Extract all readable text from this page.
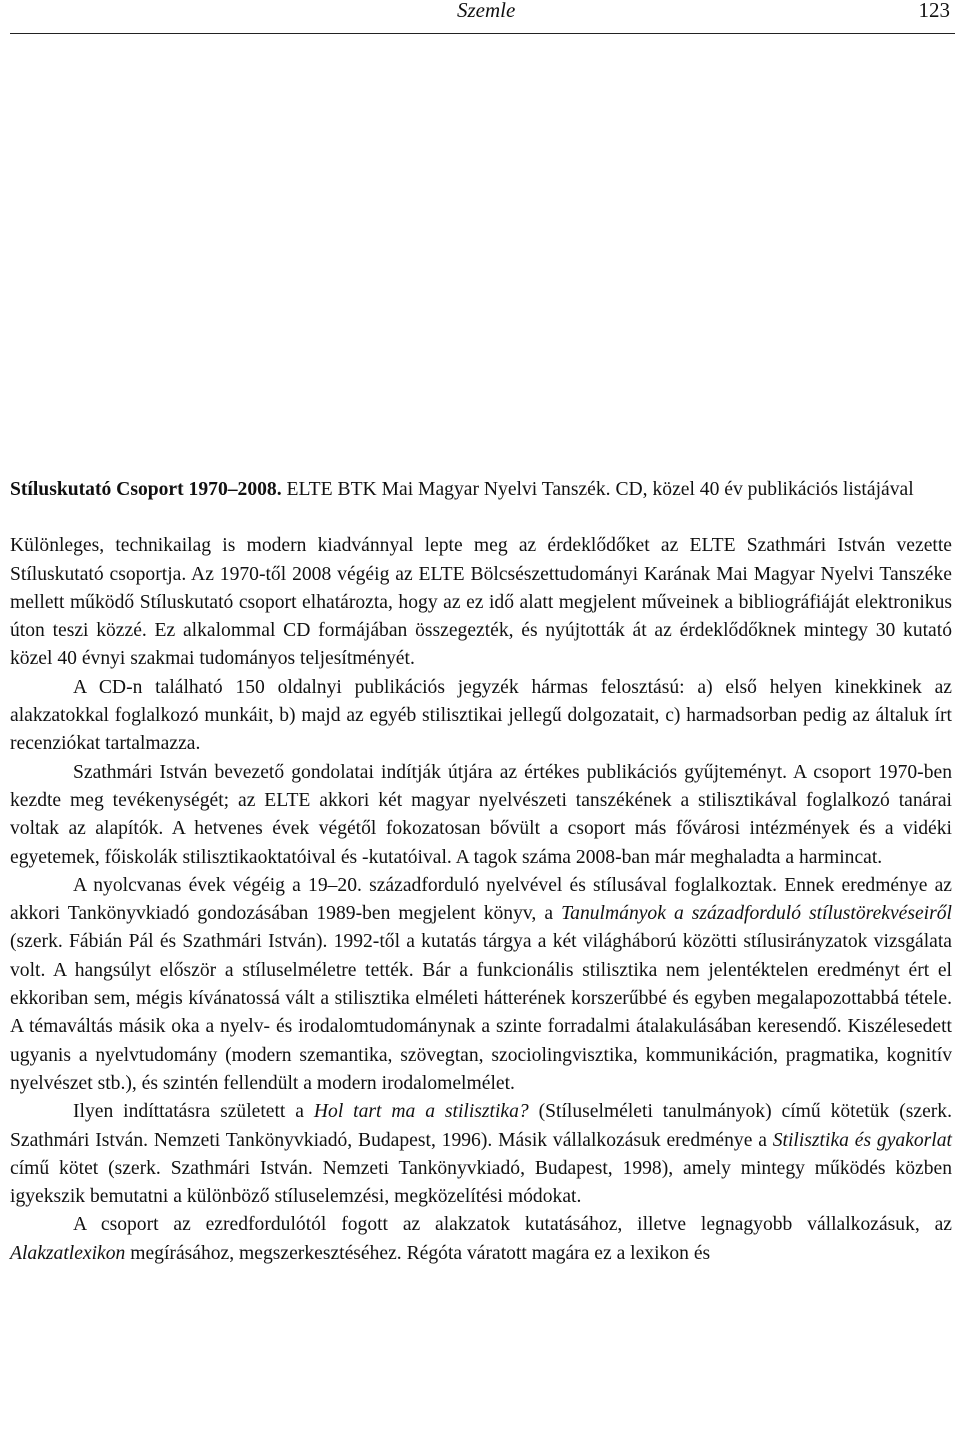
Szemle	123

Stíluskutató Csoport 1970–2008. ELTE BTK Mai Magyar Nyelvi Tanszék. CD, közel 40 év publikációs listájával

Különleges, technikailag is modern kiadvánnyal lepte meg az érdeklődőket az ELTE Szathmári István vezette Stíluskutató csoportja. Az 1970-től 2008 végéig az ELTE Bölcsészettudományi Karának Mai Magyar Nyelvi Tanszéke mellett működő Stíluskutató csoport elhatározta, hogy az ez idő alatt megjelent műveinek a bibliográfiáját elektronikus úton teszi közzé. Ez alkalommal CD formájában összegezték, és nyújtották át az érdeklődőknek mintegy 30 kutató közel 40 évnyi szakmai tudományos teljesítményét.

A CD-n található 150 oldalnyi publikációs jegyzék hármas felosztású: a) első helyen kinekkinek az alakzatokkal foglalkozó munkáit, b) majd az egyéb stilisztikai jellegű dolgozatait, c) harmadsorban pedig az általuk írt recenziókat tartalmazza.

Szathmári István bevezető gondolatai indítják útjára az értékes publikációs gyűjteményt. A csoport 1970-ben kezdte meg tevékenységét; az ELTE akkori két magyar nyelvészeti tanszékének a stilisztikával foglalkozó tanárai voltak az alapítók. A hetvenes évek végétől fokozatosan bővült a csoport más fővárosi intézmények és a vidéki egyetemek, főiskolák stilisztikaoktatóival és -kutatóival. A tagok száma 2008-ban már meghaladta a harmincat.

A nyolcvanas évek végéig a 19–20. századforduló nyelvével és stílusával foglalkoztak. Ennek eredménye az akkori Tankönyvkiadó gondozásában 1989-ben megjelent könyv, a Tanulmányok a századforduló stílustörekvéseiről (szerk. Fábián Pál és Szathmári István). 1992-től a kutatás tárgya a két világháború közötti stílusirányzatok vizsgálata volt. A hangsúlyt először a stíluselméletre tették. Bár a funkcionális stilisztika nem jelentéktelen eredményt ért el ekkoriban sem, mégis kívánatossá vált a stilisztika elméleti hátterének korszerűbbé és egyben megalapozottabbá tétele. A témaváltás másik oka a nyelv- és irodalomtudománynak a szinte forradalmi átalakulásában keresendő. Kiszélesedett ugyanis a nyelvtudomány (modern szemantika, szövegtan, szociolingvisztika, kommunikáción, pragmatika, kognitív nyelvészet stb.), és szintén fellendült a modern irodalomelmélet.

Ilyen indíttatásra született a Hol tart ma a stilisztika? (Stíluselméleti tanulmányok) című kötetük (szerk. Szathmári István. Nemzeti Tankönyvkiadó, Budapest, 1996). Másik vállalkozásuk eredménye a Stilisztika és gyakorlat című kötet (szerk. Szathmári István. Nemzeti Tankönyvkiadó, Budapest, 1998), amely mintegy működés közben igyekszik bemutatni a különböző stíluselemzési, megközelítési módokat.

A csoport az ezredfordulótól fogott az alakzatok kutatásához, illetve legnagyobb vállalkozásuk, az Alakzatlexikon megírásához, megszerkesztéséhez. Régóta váratott magára ez a lexikon és
